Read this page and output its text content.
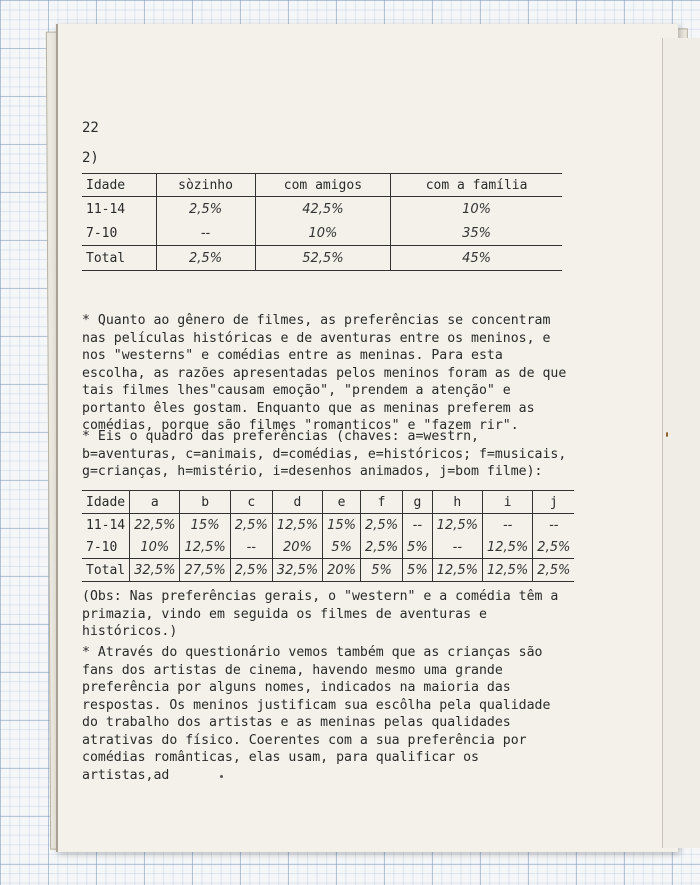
22
2)
Idade	sòzinho	com amigos	com a família
11-14	2,5%	42,5%	10%
7-10	--	10%	35%
Total	2,5%	52,5%	45%

* Quanto ao gênero de filmes, as preferências se concentram nas películas históricas e de aventuras entre os meninos, e nos "westerns" e comédias entre as meninas. Para esta escolha, as razões apresentadas pelos meninos foram as de que tais filmes lhes"causam emoção", "prendem a atenção" e portanto êles gostam. Enquanto que as meninas preferem as comédias, porque são filmes "romanticos" e "fazem rir".

* Eis o quadro das preferências (chaves: a=westrn, b=aventuras, c=animais, d=comédias, e=históricos; f=musicais, g=crianças, h=mistério, i=desenhos animados, j=bom filme):

Idade	a	b	c	d	e	f	g	h	i	j
11-14	22,5%	15%	2,5%	12,5%	15%	2,5%	--	12,5%	--	--
7-10	10%	12,5%	--	20%	5%	2,5%	5%	--	12,5%	2,5%
Total	32,5%	27,5%	2,5%	32,5%	20%	5%	5%	12,5%	12,5%	2,5%

(Obs: Nas preferências gerais, o "western" e a comédia têm a primazia, vindo em seguida os filmes de aventuras e históricos.)

* Através do questionário vemos também que as crianças são fans dos artistas de cinema, havendo mesmo uma grande preferência por alguns nomes, indicados na maioria das respostas. Os meninos justificam sua escôlha pela qualidade do trabalho dos artistas e as meninas pelas qualidades atrativas do físico. Coerentes com a sua preferência por comédias românticas, elas usam, para qualificar os artistas,ad
